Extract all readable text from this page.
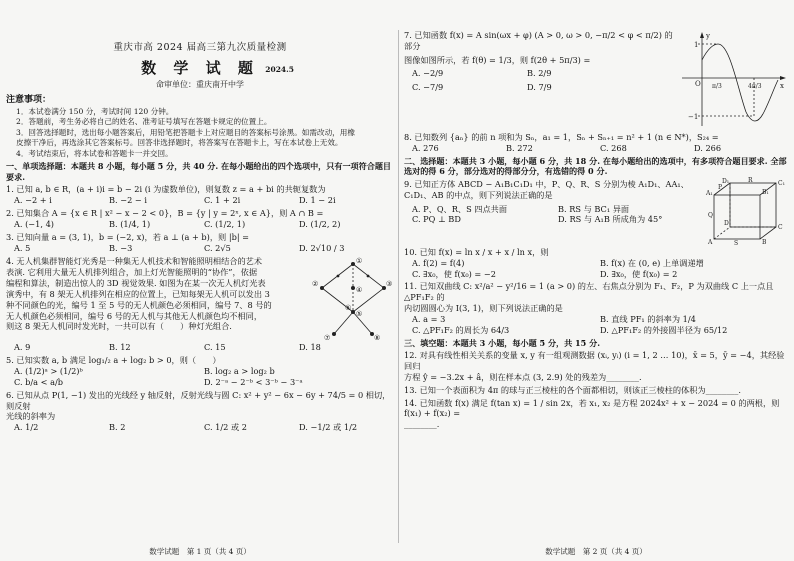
重庆市高 2024 届高三第九次质量检测
数 学 试 题 2024.5
命审单位：重庆南开中学
注意事项：
1．本试卷满分 150 分，考试时间 120 分钟。
2．答题前，考生务必将自己的姓名、准考证号填写在答题卡规定的位置上。
3．回答选择题时，选出每小题答案后，用铅笔把答题卡上对应题目的答案标号涂黑。如需改动，用橡
皮擦干净后，再选涂其它答案标号。回答非选择题时，将答案写在答题卡上，写在本试卷上无效。
4．考试结束后，将本试卷和答题卡一并交回。
一、单项选择题：本题共 8 小题，每小题 5 分，共 40 分. 在每小题给出的四个选项中，只有一项符合题目要求.
1. 已知 a, b ∈ R，(a + i)i = b − 2i (i 为虚数单位)，则复数 z = a + bi 的共轭复数为
A. −2 + i	B. −2 − i	C. 1 + 2i	D. 1 − 2i
2. 已知集合 A = {x ∈ R | x² − x − 2 < 0}，B = {y | y = 2ˣ, x ∈ A}，则 A ∩ B =
A. (−1, 4)	B. (1/4, 1)	C. (1/2, 1)	D. (1/2, 2)
3. 已知向量 a = (3, 1)，b = (−2, x)，若 a ⊥ (a + b)，则 |b| =
A. 5	B. −3	C. 2√5	D. 2√10 / 3
4. 无人机集群智能灯光秀是一种集无人机技术和智能照明相结合的艺术
表演. 它利用大量无人机排列组合，加上灯光智能照明的“协作”，依据
编程和算法，制造出惊人的 3D 视觉效果. 如图为在某一次无人机灯光表
演秀中，有 8 架无人机排列在相应的位置上，已知每架无人机可以发出 3
种不同颜色的光，编号 1 至 5 号的无人机颜色必须相同，编号 7、8 号的
无人机颜色必须相同，编号 6 号的无人机与其他无人机颜色均不相同，
则这 8 架无人机同时发光时，一共可以有（　　）种灯光组合.
①
②	③
④
⑤
⑥
⑦	⑧
A. 9	B. 12	C. 15	D. 18
5. 已知实数 a, b 满足 log₁/₂ a + log₂ b > 0，则（　　）
A. (1/2)ᵃ > (1/2)ᵇ	B. log₂ a > log₂ b
C. b/a < a/b	D. 2⁻ᵃ − 2⁻ᵇ < 3⁻ᵇ − 3⁻ᵃ
6. 已知从点 P(1, −1) 发出的光线经 y 轴反射，反射光线与圆 C: x² + y² − 6x − 6y + 74/5 = 0 相切，则反射
光线的斜率为
A. 1/2	B. 2	C. 1/2 或 2	D. −1/2 或 1/2
数学试题　第 1 页（共 4 页）
7. 已知函数 f(x) = A sin(ωx + φ) (A > 0, ω > 0, −π/2 < φ < π/2) 的部分
图像如图所示，若 f(θ) = 1/3，则 f(2θ + 5π/3) =
A. −2/9	B. 2/9
C. −7/9	D. 7/9
y
x
O
1
−1
π/3	4π/3
8. 已知数列 {aₙ} 的前 n 项和为 Sₙ，a₁ = 1，Sₙ + Sₙ₊₁ = n² + 1 (n ∈ N*)，S₂₄ =
A. 276	B. 272	C. 268	D. 266
二、选择题：本题共 3 小题，每小题 6 分，共 18 分. 在每小题给出的选项中，有多项符合题目要求. 全部
选对的得 6 分，部分选对的得部分分，有选错的得 0 分.
9. 已知正方体 ABCD − A₁B₁C₁D₁ 中，P、Q、R、S 分别为棱 A₁D₁、AA₁、
C₁D₁、AB 的中点，则下列说法正确的是
A. P、Q、R、S 四点共面	B. RS 与 BC₁ 异面
C. PQ ⊥ BD	D. RS 与 A₁B 所成角为 45°
D₁	C₁
A₁	B₁
D
C
A	B
P
Q
R
S
10. 已知 f(x) = ln x / x + x / ln x，则
A. f(2) = f(4)	B. f(x) 在 (0, e) 上单调递增
C. ∃x₀，使 f(x₀) = −2	D. ∃x₀，使 f(x₀) = 2
11. 已知双曲线 C: x²/a² − y²/16 = 1 (a > 0) 的左、右焦点分别为 F₁、F₂，P 为双曲线 C 上一点且 △PF₁F₂ 的
内切圆圆心为 I(3, 1)，则下列说法正确的是
A. a = 3	B. 直线 PF₁ 的斜率为 1/4
C. △PF₁F₂ 的周长为 64/3	D. △PF₁F₂ 的外接圆半径为 65/12
三、填空题：本题共 3 小题，每小题 5 分，共 15 分.
12. 对具有线性相关关系的变量 x, y 有一组观测数据 (xᵢ, yᵢ) (i = 1, 2 … 10)，x̄ = 5，ȳ = −4，其经验回归
方程 ŷ = −3.2x + â，则在样本点 (3, 2.9) 处的残差为________.
13. 已知一个表面积为 4π 的球与正三棱柱的各个面都相切，则该正三棱柱的体积为________.
14. 已知函数 f(x) 满足 f(tan x) = 1 / sin 2x，若 x₁, x₂ 是方程 2024x² + x − 2024 = 0 的两根，则 f(x₁) + f(x₂) =
________.
数学试题　第 2 页（共 4 页）
